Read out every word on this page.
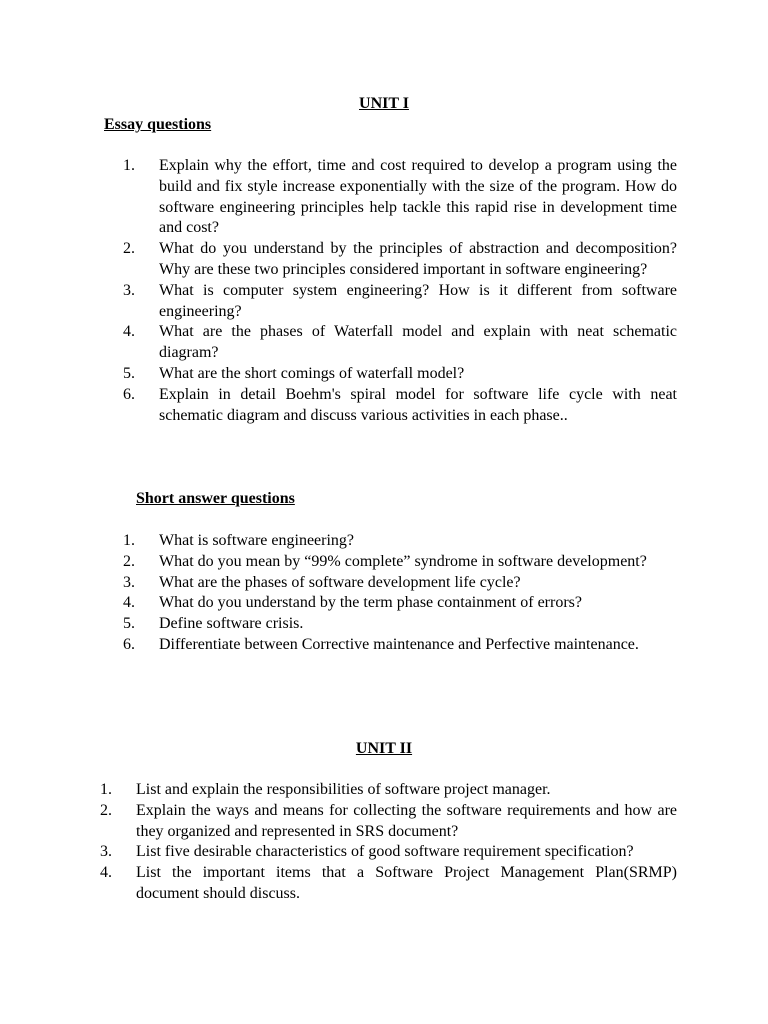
UNIT I
Essay questions
1.	Explain why the effort, time and cost required to develop a program using the build and fix style increase exponentially with the size of the program. How do software engineering principles help tackle this rapid rise in development time and cost?
2.	What do you understand by the principles of abstraction and decomposition? Why are these two principles considered important in software engineering?
3.	What is computer system engineering? How is it different from software engineering?
4.	What are the phases of Waterfall model and explain with neat schematic diagram?
5.	What are the short comings of waterfall model?
6.	Explain in detail Boehm's spiral model for software life cycle with neat schematic diagram and discuss various activities in each phase..
Short answer questions
1.	What is software engineering?
2.	What do you mean by “99% complete” syndrome in software development?
3.	What are the phases of software development life cycle?
4.	What do you understand by the term phase containment of errors?
5.	Define software crisis.
6.	Differentiate between Corrective maintenance and Perfective maintenance.
UNIT II
1.	List and explain the responsibilities of software project manager.
2.	Explain the ways and means for collecting the software requirements and how are they organized and represented in SRS document?
3.	List five desirable characteristics of good software requirement specification?
4.	List the important items that a Software Project Management Plan(SRMP) document should discuss.
